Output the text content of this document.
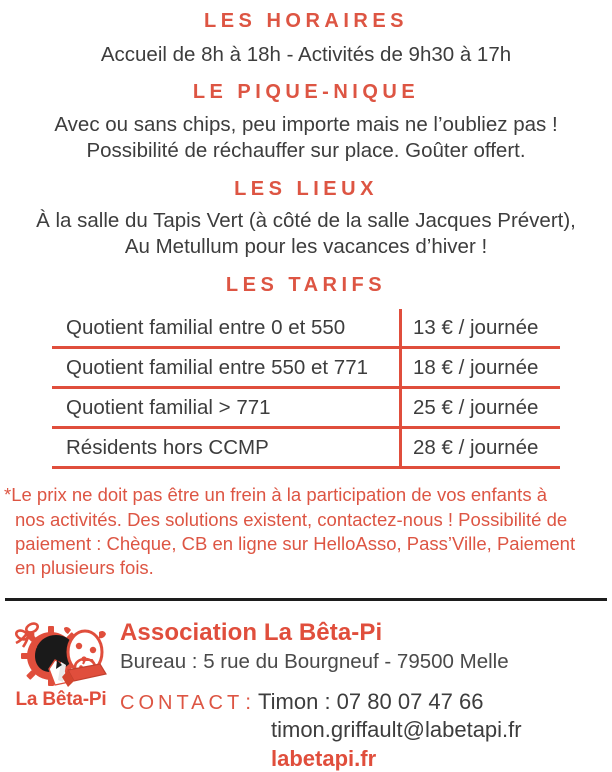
LES HORAIRES
Accueil de 8h à 18h - Activités de 9h30 à 17h
LE PIQUE-NIQUE
Avec ou sans chips, peu importe mais ne l’oubliez pas !
Possibilité de réchauffer sur place. Goûter offert.
LES LIEUX
À la salle du Tapis Vert (à côté de la salle Jacques Prévert),
Au Metullum pour les vacances d’hiver !
LES TARIFS
Quotient familial entre 0 et 550	13 € / journée
Quotient familial entre 550 et 771	18 € / journée
Quotient familial > 771	25 € / journée
Résidents hors CCMP	28 € / journée
*Le prix ne doit pas être un frein à la participation de vos enfants à
nos activités. Des solutions existent, contactez-nous ! Possibilité de
paiement : Chèque, CB en ligne sur HelloAsso, Pass’Ville, Paiement
en plusieurs fois.
La Bêta-Pi
Association La Bêta-Pi
Bureau : 5 rue du Bourgneuf - 79500 Melle
CONTACT : Timon : 07 80 07 47 66
timon.griffault@labetapi.fr
labetapi.fr
